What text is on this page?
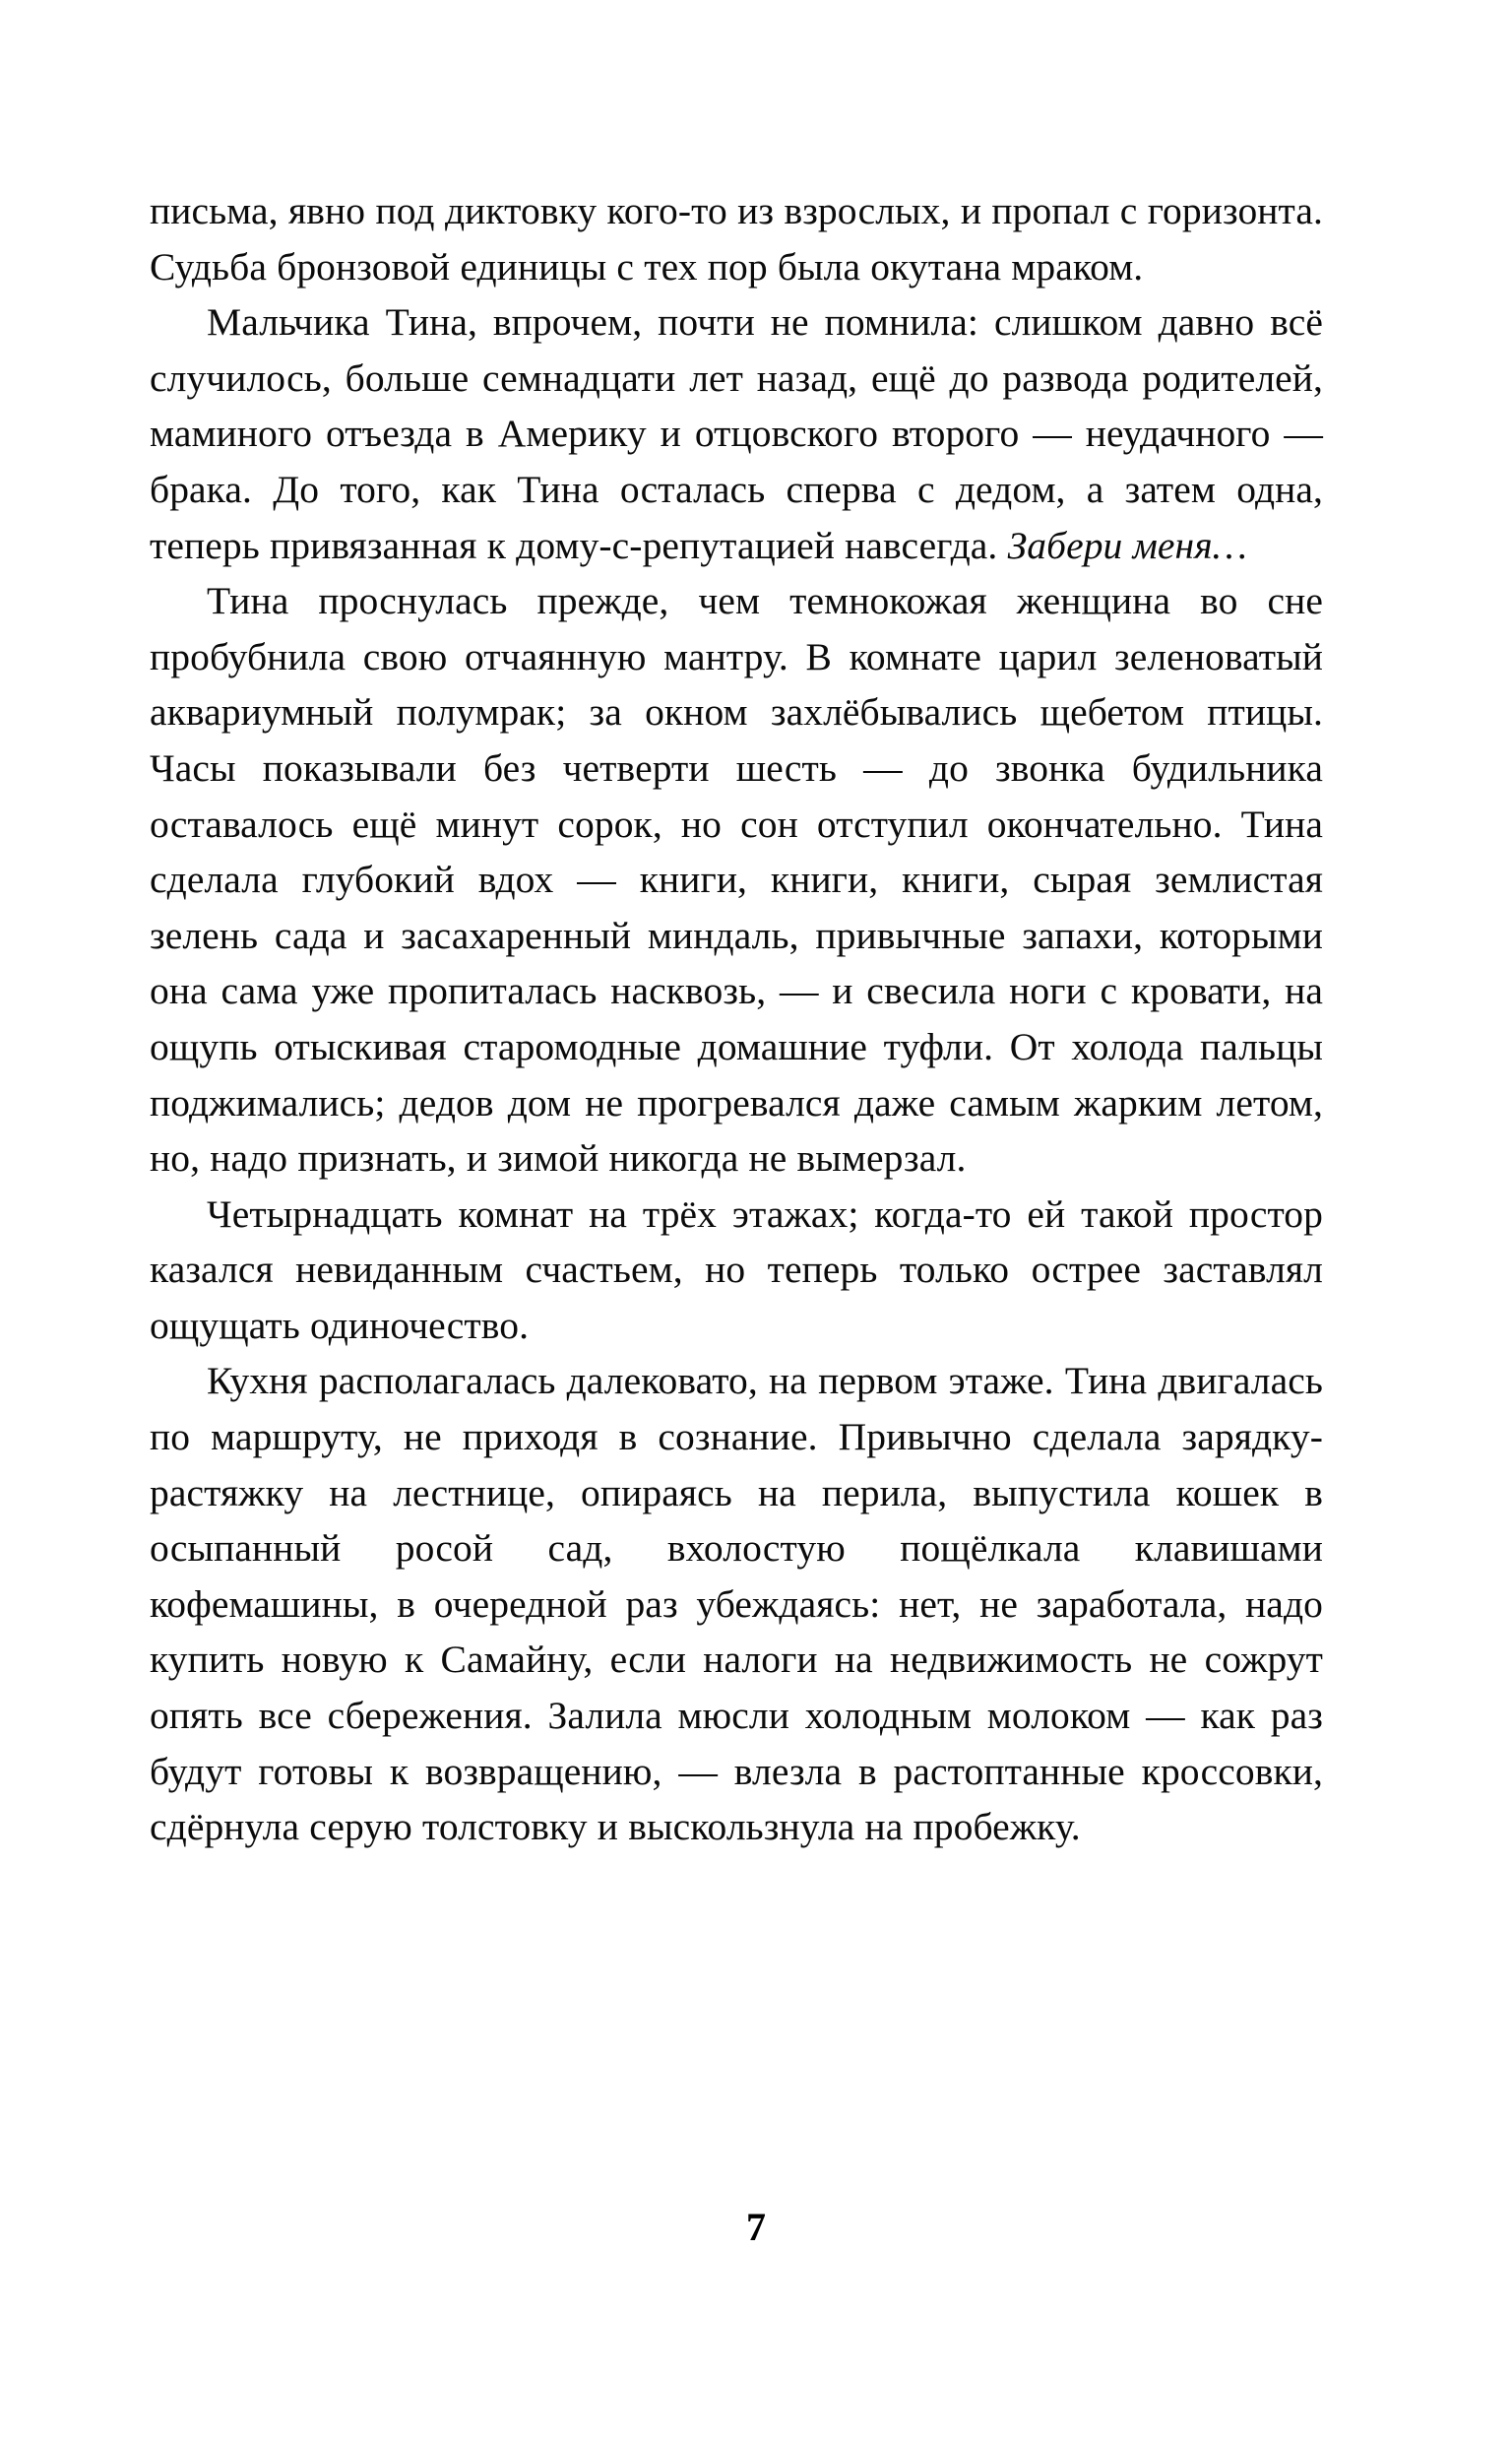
письма, явно под диктовку кого-то из взрослых, и пропал с горизонта. Судьба бронзовой единицы с тех пор была окутана мраком.

Мальчика Тина, впрочем, почти не помнила: слишком давно всё случилось, больше семнадцати лет назад, ещё до развода родителей, маминого отъезда в Америку и отцовского второго — неудачного — брака. До того, как Тина осталась сперва с дедом, а затем одна, теперь привязанная к дому-с-репутацией навсегда. Забери меня…

Тина проснулась прежде, чем темнокожая женщина во сне пробубнила свою отчаянную мантру. В комнате царил зеленоватый аквариумный полумрак; за окном захлёбывались щебетом птицы. Часы показывали без четверти шесть — до звонка будильника оставалось ещё минут сорок, но сон отступил окончательно. Тина сделала глубокий вдох — книги, книги, книги, сырая землистая зелень сада и засахаренный миндаль, привычные запахи, которыми она сама уже пропиталась насквозь, — и свесила ноги с кровати, на ощупь отыскивая старомодные домашние туфли. От холода пальцы поджимались; дедов дом не прогревался даже самым жарким летом, но, надо признать, и зимой никогда не вымерзал.

Четырнадцать комнат на трёх этажах; когда-то ей такой простор казался невиданным счастьем, но теперь только острее заставлял ощущать одиночество.

Кухня располагалась далековато, на первом этаже. Тина двигалась по маршруту, не приходя в сознание. Привычно сделала зарядку-растяжку на лестнице, опираясь на перила, выпустила кошек в осыпанный росой сад, вхолостую пощёлкала клавишами кофемашины, в очередной раз убеждаясь: нет, не заработала, надо купить новую к Самайну, если налоги на недвижимость не сожрут опять все сбережения. Залила мюсли холодным молоком — как раз будут готовы к возвращению, — влезла в растоптанные кроссовки, сдёрнула серую толстовку и выскользнула на пробежку.

7
